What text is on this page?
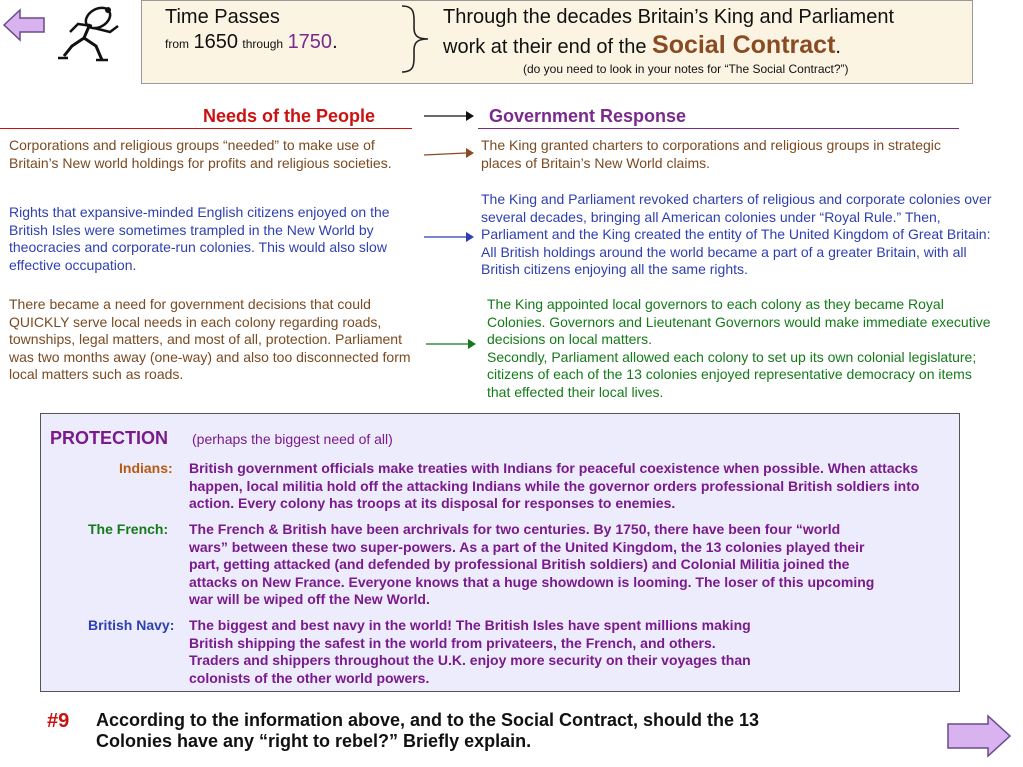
Time Passes
from 1650 through 1750.
Through the decades Britain’s King and Parliament
work at their end of the Social Contract.
(do you need to look in your notes for “The Social Contract?”)
Needs of the People	Government Response
Corporations and religious groups “needed” to make use of Britain’s New world holdings for profits and religious societies.
The King granted charters to corporations and religious groups in strategic places of Britain’s New World claims.
Rights that expansive-minded English citizens enjoyed on the British Isles were sometimes trampled in the New World by theocracies and corporate-run colonies. This would also slow effective occupation.
The King and Parliament revoked charters of religious and corporate colonies over several decades, bringing all American colonies under “Royal Rule.” Then, Parliament and the King created the entity of The United Kingdom of Great Britain: All British holdings around the world became a part of a greater Britain, with all British citizens enjoying all the same rights.
There became a need for government decisions that could QUICKLY serve local needs in each colony regarding roads, townships, legal matters, and most of all, protection. Parliament was two months away (one-way) and also too disconnected form local matters such as roads.
The King appointed local governors to each colony as they became Royal Colonies. Governors and Lieutenant Governors would make immediate executive decisions on local matters.
Secondly, Parliament allowed each colony to set up its own colonial legislature; citizens of each of the 13 colonies enjoyed representative democracy on items that effected their local lives.
PROTECTION (perhaps the biggest need of all)
Indians: British government officials make treaties with Indians for peaceful coexistence when possible. When attacks happen, local militia hold off the attacking Indians while the governor orders professional British soldiers into action. Every colony has troops at its disposal for responses to enemies.
The French: The French & British have been archrivals for two centuries. By 1750, there have been four “world wars” between these two super-powers. As a part of the United Kingdom, the 13 colonies played their part, getting attacked (and defended by professional British soldiers) and Colonial Militia joined the attacks on New France. Everyone knows that a huge showdown is looming. The loser of this upcoming war will be wiped off the New World.
British Navy: The biggest and best navy in the world! The British Isles have spent millions making British shipping the safest in the world from privateers, the French, and others. Traders and shippers throughout the U.K. enjoy more security on their voyages than colonists of the other world powers.
#9 According to the information above, and to the Social Contract, should the 13 Colonies have any “right to rebel?” Briefly explain.
